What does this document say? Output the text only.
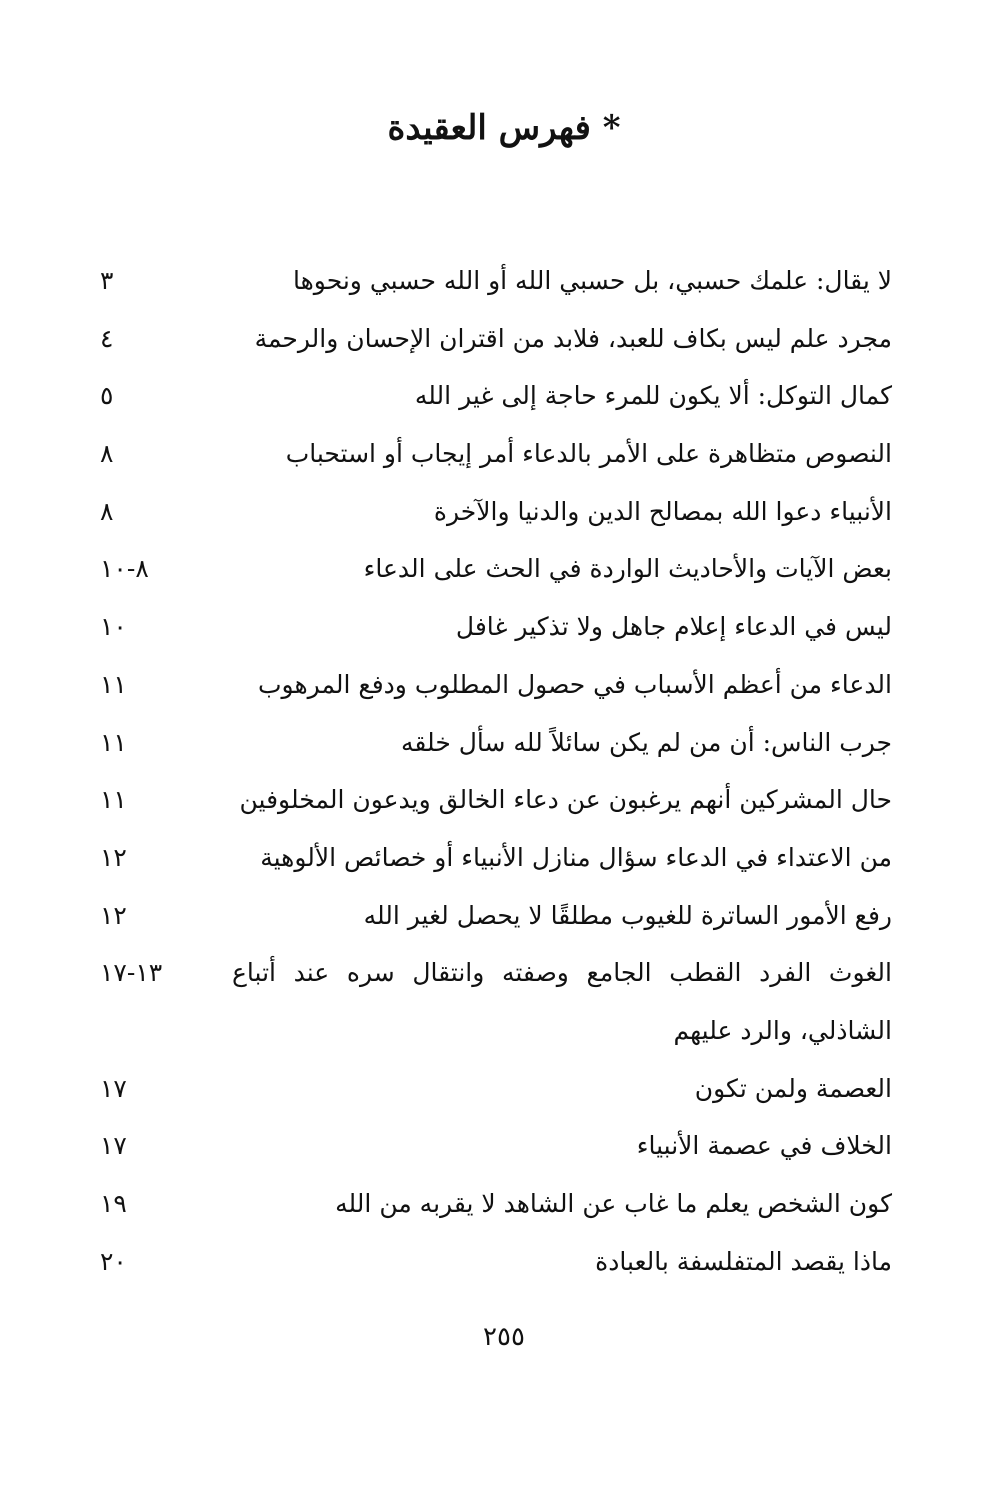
* فهرس العقيدة
لا يقال: علمك حسبي، بل حسبي الله أو الله حسبي ونحوها
٣
مجرد علم ليس بكاف للعبد، فلابد من اقتران الإحسان والرحمة
٤
كمال التوكل: ألا يكون للمرء حاجة إلى غير الله
٥
النصوص متظاهرة على الأمر بالدعاء أمر إيجاب أو استحباب
٨
الأنبياء دعوا الله بمصالح الدين والدنيا والآخرة
٨
بعض الآيات والأحاديث الواردة في الحث على الدعاء
٨-١٠
ليس في الدعاء إعلام جاهل ولا تذكير غافل
١٠
الدعاء من أعظم الأسباب في حصول المطلوب ودفع المرهوب
١١
جرب الناس: أن من لم يكن سائلاً لله سأل خلقه
١١
حال المشركين أنهم يرغبون عن دعاء الخالق ويدعون المخلوفين
١١
من الاعتداء في الدعاء سؤال منازل الأنبياء أو خصائص الألوهية
١٢
رفع الأمور الساترة للغيوب مطلقًا لا يحصل لغير الله
١٢
الغوث الفرد القطب الجامع وصفته وانتقال سره عند أتباع
١٣-١٧
الشاذلي، والرد عليهم
العصمة ولمن تكون
١٧
الخلاف في عصمة الأنبياء
١٧
كون الشخص يعلم ما غاب عن الشاهد لا يقربه من الله
١٩
ماذا يقصد المتفلسفة بالعبادة
٢٠
٢٥٥
